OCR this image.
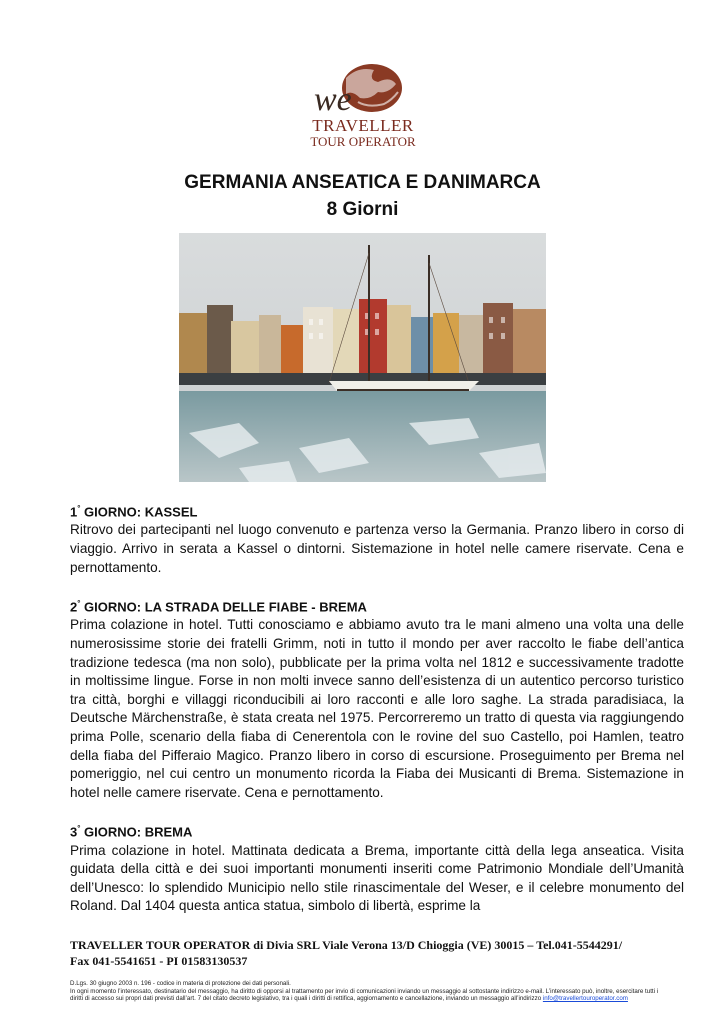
we
TRAVELLER
TOUR OPERATOR
GERMANIA ANSEATICA E DANIMARCA
8 Giorni
1° GIORNO: KASSEL

Ritrovo dei partecipanti nel luogo convenuto e partenza verso la Germania. Pranzo libero in corso di viaggio. Arrivo in serata a Kassel o dintorni. Sistemazione in hotel nelle camere riservate. Cena e pernottamento.

2° GIORNO: LA STRADA DELLE FIABE - BREMA

Prima colazione in hotel. Tutti conosciamo e abbiamo avuto tra le mani almeno una volta una delle numerosissime storie dei fratelli Grimm, noti in tutto il mondo per aver raccolto le fiabe dell’antica tradizione tedesca (ma non solo), pubblicate per la prima volta nel 1812 e successivamente tradotte in moltissime lingue. Forse in non molti invece sanno dell’esistenza di un autentico percorso turistico tra città, borghi e villaggi riconducibili ai loro racconti e alle loro saghe. La strada paradisiaca, la Deutsche Märchenstraße, è stata creata nel 1975. Percorreremo un tratto di questa via raggiungendo prima Polle, scenario della fiaba di Cenerentola con le rovine del suo Castello, poi Hamlen, teatro della fiaba del Pifferaio Magico. Pranzo libero in corso di escursione. Proseguimento per Brema nel pomeriggio, nel cui centro un monumento ricorda la Fiaba dei Musicanti di Brema. Sistemazione in hotel nelle camere riservate. Cena e pernottamento.

3° GIORNO: BREMA

Prima colazione in hotel. Mattinata dedicata a Brema, importante città della lega anseatica. Visita guidata della città e dei suoi importanti monumenti inseriti come Patrimonio Mondiale dell’Umanità dell’Unesco: lo splendido Municipio nello stile rinascimentale del Weser, e il celebre monumento del Roland. Dal 1404 questa antica statua, simbolo di libertà, esprime la

TRAVELLER TOUR OPERATOR di Divia SRL Viale Verona 13/D Chioggia (VE) 30015 – Tel.041-5544291/
Fax 041-5541651 - PI 01583130537
D.Lgs. 30 giugno 2003 n. 196 - codice in materia di protezione dei dati personali.
In ogni momento l’interessato, destinatario del messaggio, ha diritto di opporsi al trattamento per invio di comunicazioni inviando un messaggio al sottostante indirizzo e-mail. L’interessato può, inoltre, esercitare tutti i diritti di accesso sui propri dati previsti dall’art. 7 del citato decreto legislativo, tra i quali i diritti di rettifica, aggiornamento e cancellazione, inviando un messaggio all’indirizzo info@travellertouroperator.com
